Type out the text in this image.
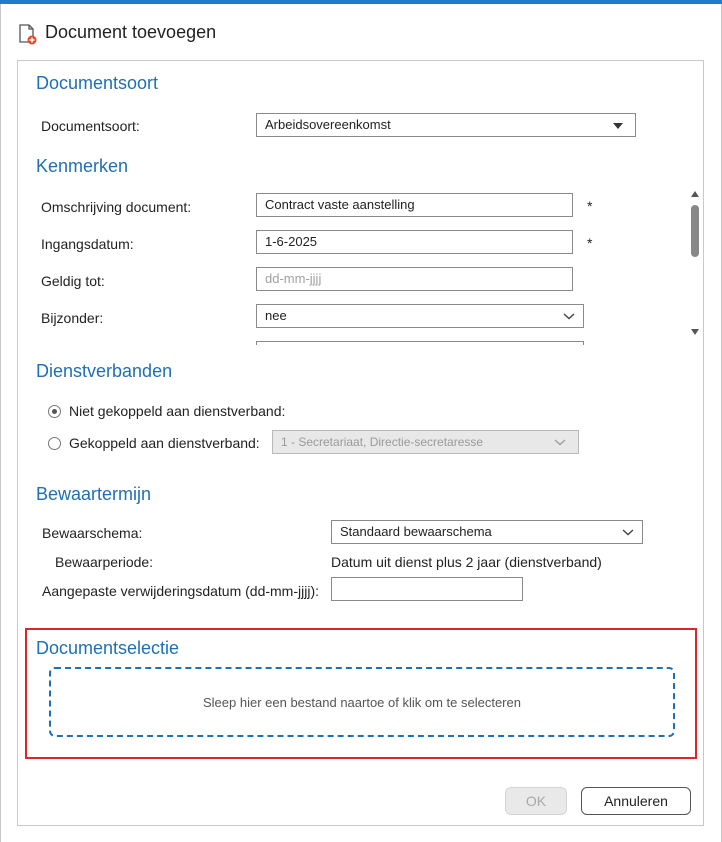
Document toevoegen
Documentsoort
Documentsoort:	Arbeidsovereenkomst
Kenmerken
Omschrijving document:	Contract vaste aanstelling	*
Ingangsdatum:	1-6-2025	*
Geldig tot:	dd-mm-jjjj
Bijzonder:	nee
Dienstverbanden
Niet gekoppeld aan dienstverband:
Gekoppeld aan dienstverband:	1 - Secretariaat, Directie-secretaresse
Bewaartermijn
Bewaarschema:	Standaard bewaarschema
Bewaarperiode:	Datum uit dienst plus 2 jaar (dienstverband)
Aangepaste verwijderingsdatum (dd-mm-jjjj):
Documentselectie
Sleep hier een bestand naartoe of klik om te selecteren
OK	Annuleren
